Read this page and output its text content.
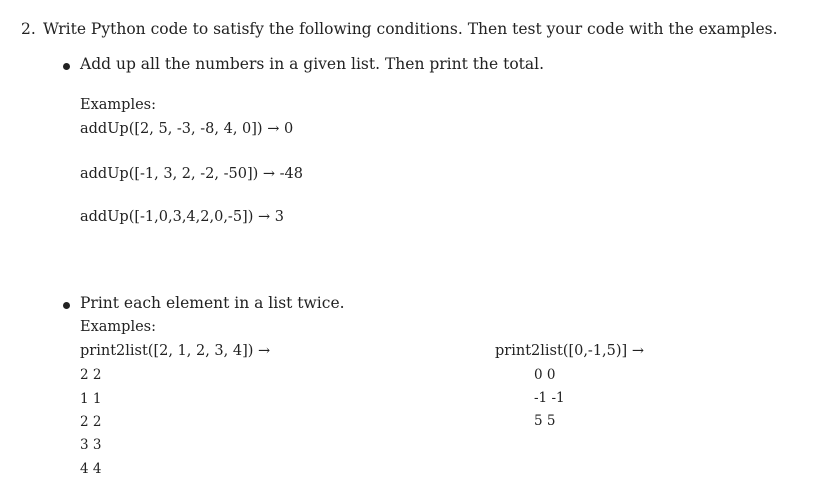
2. Write Python code to satisfy the following conditions. Then test your code with the examples.
Add up all the numbers in a given list. Then print the total.
Examples:
addUp([2, 5, -3, -8, 4, 0]) → 0
addUp([-1, 3, 2, -2, -50]) → -48
addUp([-1,0,3,4,2,0,-5]) → 3
Print each element in a list twice.
Examples:
print2list([2, 1, 2, 3, 4]) →
2 2
1 1
2 2
3 3
4 4
print2list([0,-1,5)] →
0 0
-1 -1
5 5
